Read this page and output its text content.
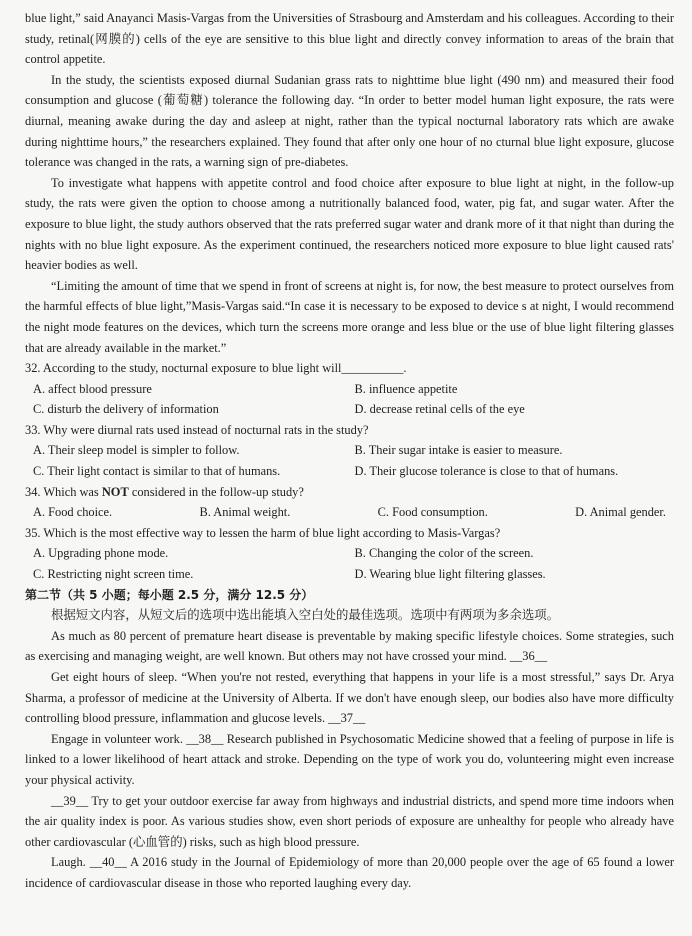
blue light,” said Anayanci Masis-Vargas from the Universities of Strasbourg and Amsterdam and his colleagues. According to their study, retinal(网膜的) cells of the eye are sensitive to this blue light and directly convey information to areas of the brain that control appetite.

In the study, the scientists exposed diurnal Sudanian grass rats to nighttime blue light (490 nm) and measured their food consumption and glucose (葡萄糖) tolerance the following day. “In order to better model human light exposure, the rats were diurnal, meaning awake during the day and asleep at night, rather than the typical nocturnal laboratory rats which are awake during nighttime hours,” the researchers explained. They found that after only one hour of no cturnal blue light exposure, glucose tolerance was changed in the rats, a warning sign of pre-diabetes.

To investigate what happens with appetite control and food choice after exposure to blue light at night, in the follow-up study, the rats were given the option to choose among a nutritionally balanced food, water, pig fat, and sugar water. After the exposure to blue light, the study authors observed that the rats preferred sugar water and drank more of it that night than during the nights with no blue light exposure. As the experiment continued, the researchers noticed more exposure to blue light caused rats' heavier bodies as well.

“Limiting the amount of time that we spend in front of screens at night is, for now, the best measure to protect ourselves from the harmful effects of blue light,”Masis-Vargas said.“In case it is necessary to be exposed to device s at night, I would recommend the night mode features on the devices, which turn the screens more orange and less blue or the use of blue light filtering glasses that are already available in the market.”

32. According to the study, nocturnal exposure to blue light will__________.
A. affect blood pressure	B. influence appetite
C. disturb the delivery of information	D. decrease retinal cells of the eye
33. Why were diurnal rats used instead of nocturnal rats in the study?
A. Their sleep model is simpler to follow.	B. Their sugar intake is easier to measure.
C. Their light contact is similar to that of humans.	D. Their glucose tolerance is close to that of humans.
34. Which was NOT considered in the follow-up study?
A. Food choice.	B. Animal weight.	C. Food consumption.	D. Animal gender.
35. Which is the most effective way to lessen the harm of blue light according to Masis-Vargas?
A. Upgrading phone mode.	B. Changing the color of the screen.
C. Restricting night screen time.	D. Wearing blue light filtering glasses.
第二节（共 5 小题；每小题 2.5 分，满分 12.5 分）

根据短文内容，从短文后的选项中选出能填入空白处的最佳选项。选项中有两项为多余选项。

As much as 80 percent of premature heart disease is preventable by making specific lifestyle choices. Some strategies, such as exercising and managing weight, are well known. But others may not have crossed your mind. __36__

Get eight hours of sleep. “When you're not rested, everything that happens in your life is a most stressful,” says Dr. Arya Sharma, a professor of medicine at the University of Alberta. If we don't have enough sleep, our bodies also have more difficulty controlling blood pressure, inflammation and glucose levels. __37__

Engage in volunteer work. __38__ Research published in Psychosomatic Medicine showed that a feeling of purpose in life is linked to a lower likelihood of heart attack and stroke. Depending on the type of work you do, volunteering might even increase your physical activity.

__39__ Try to get your outdoor exercise far away from highways and industrial districts, and spend more time indoors when the air quality index is poor. As various studies show, even short periods of exposure are unhealthy for people who already have other cardiovascular (心血管的) risks, such as high blood pressure.

Laugh. __40__ A 2016 study in the Journal of Epidemiology of more than 20,000 people over the age of 65 found a lower incidence of cardiovascular disease in those who reported laughing every day.
